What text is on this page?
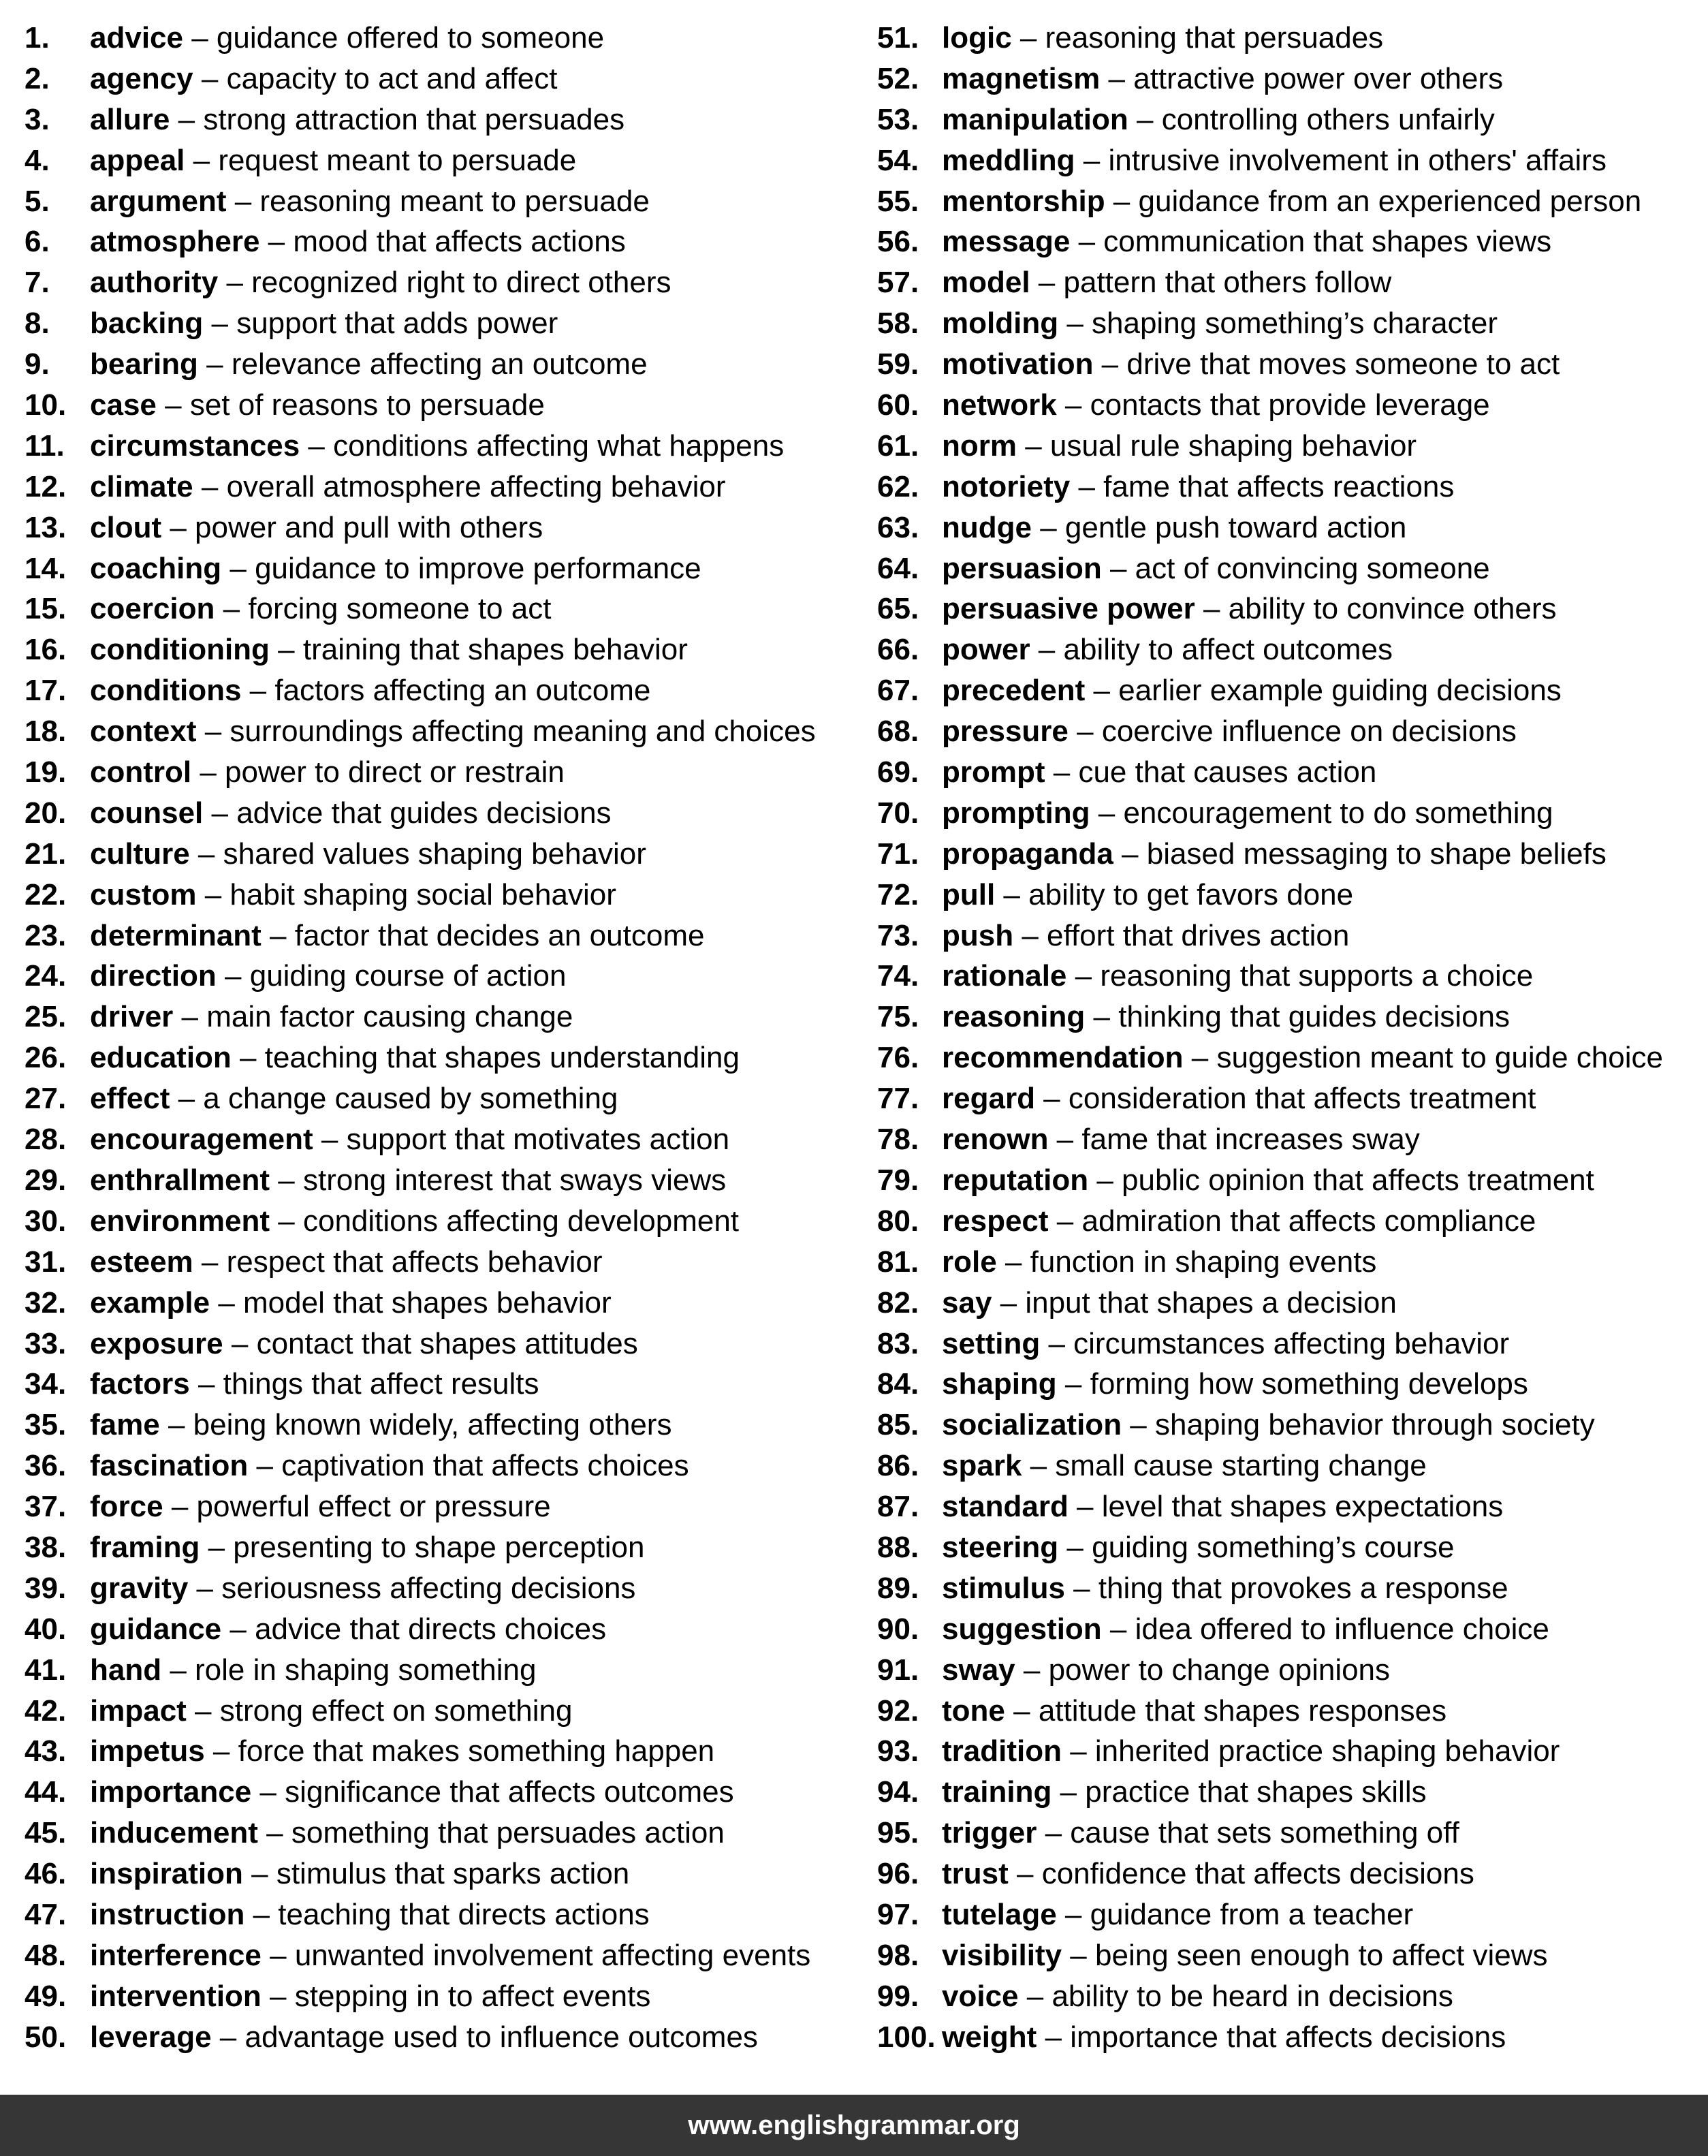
1. advice – guidance offered to someone
2. agency – capacity to act and affect
3. allure – strong attraction that persuades
4. appeal – request meant to persuade
5. argument – reasoning meant to persuade
6. atmosphere – mood that affects actions
7. authority – recognized right to direct others
8. backing – support that adds power
9. bearing – relevance affecting an outcome
10. case – set of reasons to persuade
11. circumstances – conditions affecting what happens
12. climate – overall atmosphere affecting behavior
13. clout – power and pull with others
14. coaching – guidance to improve performance
15. coercion – forcing someone to act
16. conditioning – training that shapes behavior
17. conditions – factors affecting an outcome
18. context – surroundings affecting meaning and choices
19. control – power to direct or restrain
20. counsel – advice that guides decisions
21. culture – shared values shaping behavior
22. custom – habit shaping social behavior
23. determinant – factor that decides an outcome
24. direction – guiding course of action
25. driver – main factor causing change
26. education – teaching that shapes understanding
27. effect – a change caused by something
28. encouragement – support that motivates action
29. enthrallment – strong interest that sways views
30. environment – conditions affecting development
31. esteem – respect that affects behavior
32. example – model that shapes behavior
33. exposure – contact that shapes attitudes
34. factors – things that affect results
35. fame – being known widely, affecting others
36. fascination – captivation that affects choices
37. force – powerful effect or pressure
38. framing – presenting to shape perception
39. gravity – seriousness affecting decisions
40. guidance – advice that directs choices
41. hand – role in shaping something
42. impact – strong effect on something
43. impetus – force that makes something happen
44. importance – significance that affects outcomes
45. inducement – something that persuades action
46. inspiration – stimulus that sparks action
47. instruction – teaching that directs actions
48. interference – unwanted involvement affecting events
49. intervention – stepping in to affect events
50. leverage – advantage used to influence outcomes
51. logic – reasoning that persuades
52. magnetism – attractive power over others
53. manipulation – controlling others unfairly
54. meddling – intrusive involvement in others' affairs
55. mentorship – guidance from an experienced person
56. message – communication that shapes views
57. model – pattern that others follow
58. molding – shaping something’s character
59. motivation – drive that moves someone to act
60. network – contacts that provide leverage
61. norm – usual rule shaping behavior
62. notoriety – fame that affects reactions
63. nudge – gentle push toward action
64. persuasion – act of convincing someone
65. persuasive power – ability to convince others
66. power – ability to affect outcomes
67. precedent – earlier example guiding decisions
68. pressure – coercive influence on decisions
69. prompt – cue that causes action
70. prompting – encouragement to do something
71. propaganda – biased messaging to shape beliefs
72. pull – ability to get favors done
73. push – effort that drives action
74. rationale – reasoning that supports a choice
75. reasoning – thinking that guides decisions
76. recommendation – suggestion meant to guide choice
77. regard – consideration that affects treatment
78. renown – fame that increases sway
79. reputation – public opinion that affects treatment
80. respect – admiration that affects compliance
81. role – function in shaping events
82. say – input that shapes a decision
83. setting – circumstances affecting behavior
84. shaping – forming how something develops
85. socialization – shaping behavior through society
86. spark – small cause starting change
87. standard – level that shapes expectations
88. steering – guiding something’s course
89. stimulus – thing that provokes a response
90. suggestion – idea offered to influence choice
91. sway – power to change opinions
92. tone – attitude that shapes responses
93. tradition – inherited practice shaping behavior
94. training – practice that shapes skills
95. trigger – cause that sets something off
96. trust – confidence that affects decisions
97. tutelage – guidance from a teacher
98. visibility – being seen enough to affect views
99. voice – ability to be heard in decisions
100. weight – importance that affects decisions
www.englishgrammar.org
